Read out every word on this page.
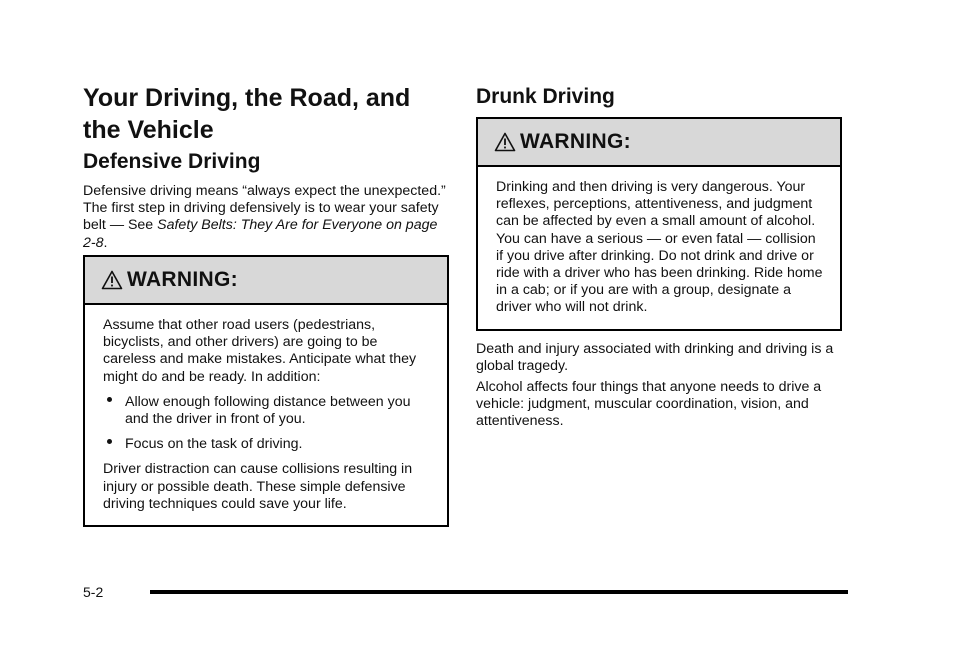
Your Driving, the Road, and the Vehicle
Defensive Driving

Defensive driving means “always expect the unexpected.” The first step in driving defensively is to wear your safety belt — See Safety Belts: They Are for Everyone on page 2-8.

WARNING:

Assume that other road users (pedestrians, bicyclists, and other drivers) are going to be careless and make mistakes. Anticipate what they might do and be ready. In addition:

Allow enough following distance between you and the driver in front of you.
Focus on the task of driving.

Driver distraction can cause collisions resulting in injury or possible death. These simple defensive driving techniques could save your life.

Drunk Driving
WARNING:

Drinking and then driving is very dangerous. Your reflexes, perceptions, attentiveness, and judgment can be affected by even a small amount of alcohol. You can have a serious — or even fatal — collision if you drive after drinking. Do not drink and drive or ride with a driver who has been drinking. Ride home in a cab; or if you are with a group, designate a driver who will not drink.

Death and injury associated with drinking and driving is a global tragedy.

Alcohol affects four things that anyone needs to drive a vehicle: judgment, muscular coordination, vision, and attentiveness.

5-2
